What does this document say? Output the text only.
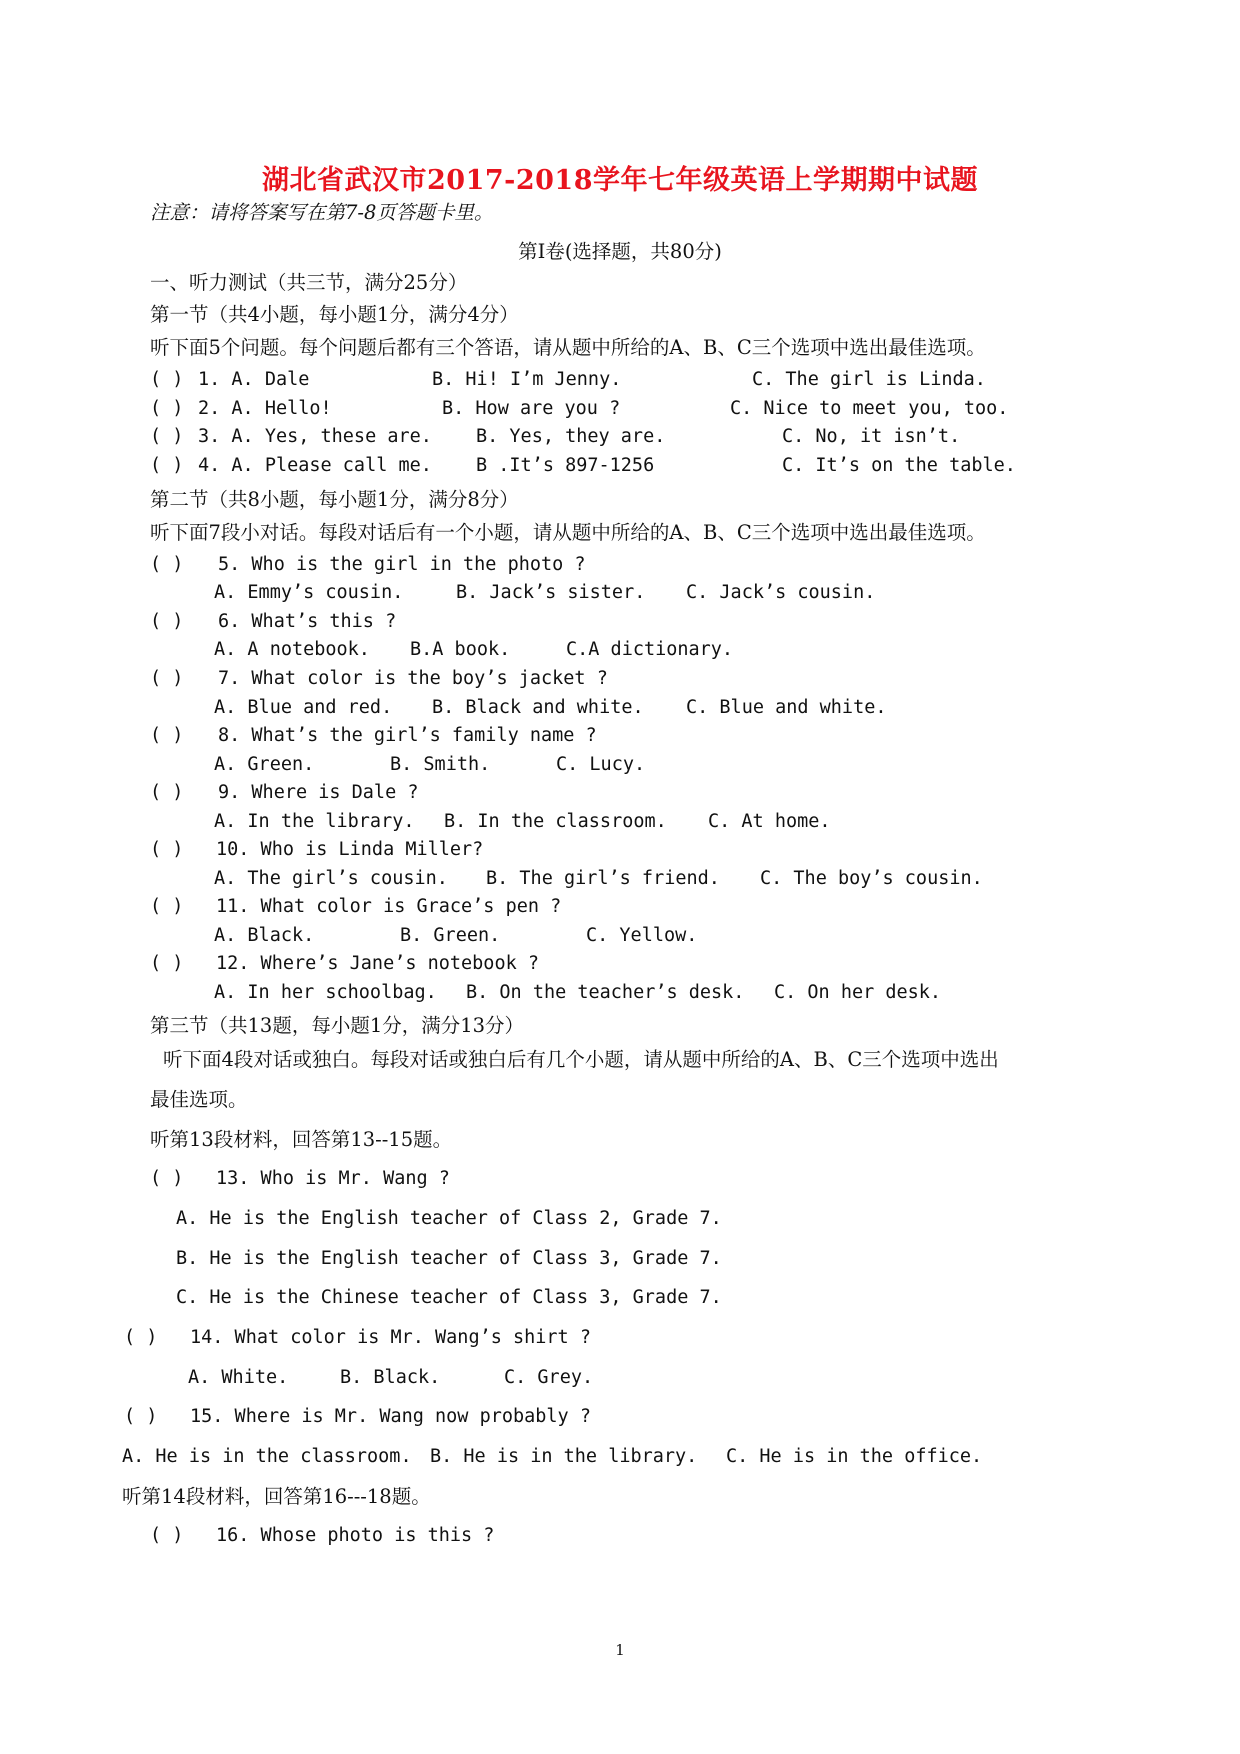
湖北省武汉市2017-2018学年七年级英语上学期期中试题
注意：请将答案写在第7-8页答题卡里。
第Ⅰ卷(选择题，共80分)
一、听力测试（共三节，满分25分）
第一节（共4小题，每小题1分，满分4分）
听下面5个问题。每个问题后都有三个答语，请从题中所给的A、B、C三个选项中选出最佳选项。
( ) 1. A. Dale	B. Hi! I’m Jenny.	C. The girl is Linda.
( ) 2. A. Hello!	B. How are you ?	C. Nice to meet you, too.
( ) 3. A. Yes, these are. B. Yes, they are.	C. No, it isn’t.
( ) 4. A. Please call me. B .It’s 897-1256	C. It’s on the table.
第二节（共8小题，每小题1分，满分8分）
听下面7段小对话。每段对话后有一个小题，请从题中所给的A、B、C三个选项中选出最佳选项。
( ) 5. Who is the girl in the photo ?
A. Emmy’s cousin.	B. Jack’s sister. C. Jack’s cousin.
( ) 6. What’s this ?
A. A notebook. B.A book.	C.A dictionary.
( ) 7. What color is the boy’s jacket ?
A. Blue and red. B. Black and white. C. Blue and white.
( ) 8. What’s the girl’s family name ?
A. Green.	B. Smith.	C. Lucy.
( ) 9. Where is Dale ?
A. In the library. B. In the classroom. C. At home.
( ) 10. Who is Linda Miller?
A. The girl’s cousin. B. The girl’s friend. C. The boy’s cousin.
( ) 11. What color is Grace’s pen ?
A. Black.	B. Green.	C. Yellow.
( ) 12. Where’s Jane’s notebook ?
A. In her schoolbag. B. On the teacher’s desk. C. On her desk.
第三节（共13题，每小题1分，满分13分）
听下面4段对话或独白。每段对话或独白后有几个小题，请从题中所给的A、B、C三个选项中选出
最佳选项。
听第13段材料，回答第13--15题。
( ) 13. Who is Mr. Wang ?
A. He is the English teacher of Class 2, Grade 7.
B. He is the English teacher of Class 3, Grade 7.
C. He is the Chinese teacher of Class 3, Grade 7.
( ) 14. What color is Mr. Wang’s shirt ?
A. White.	B. Black.	C. Grey.
( ) 15. Where is Mr. Wang now probably ?
A. He is in the classroom. B. He is in the library. C. He is in the office.
听第14段材料，回答第16---18题。
( ) 16. Whose photo is this ?
1
